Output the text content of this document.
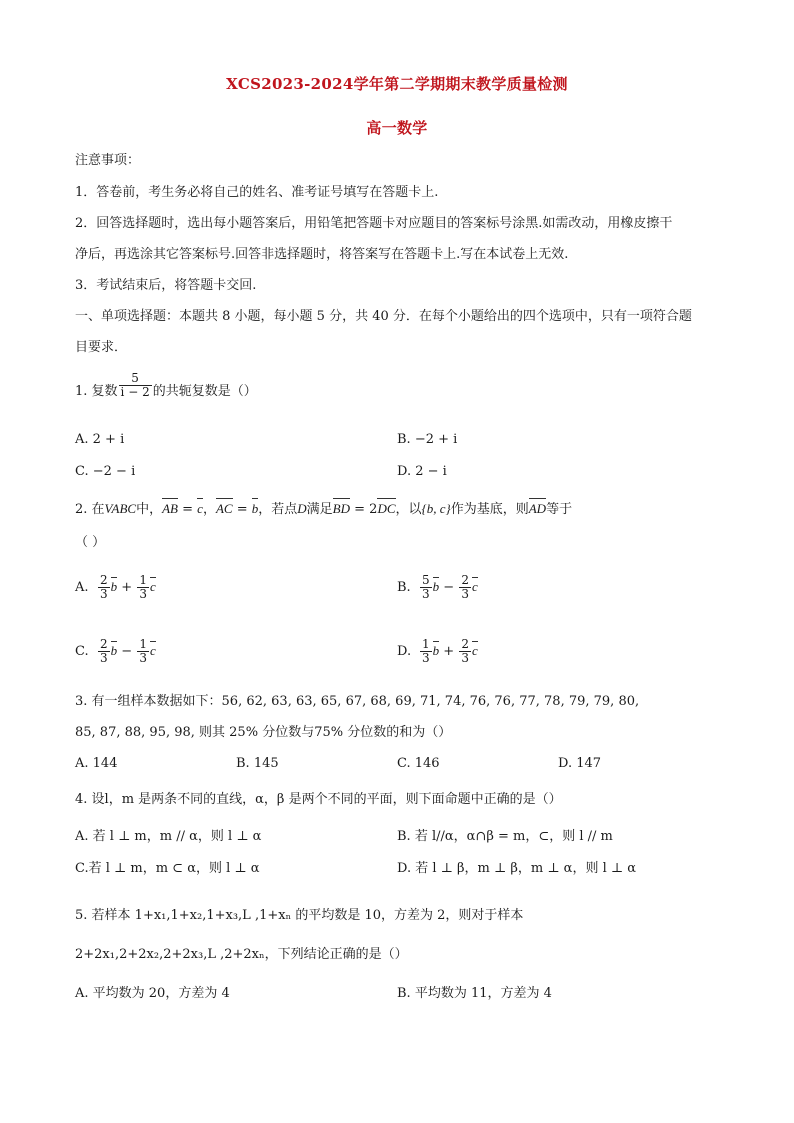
XCS2023-2024学年第二学期期末教学质量检测
高一数学
注意事项：
1．答卷前，考生务必将自己的姓名、准考证号填写在答题卡上.
2．回答选择题时，选出每小题答案后，用铅笔把答题卡对应题目的答案标号涂黑.如需改动，用橡皮擦干
净后，再选涂其它答案标号.回答非选择题时，将答案写在答题卡上.写在本试卷上无效.
3．考试结束后，将答题卡交回.
一、单项选择题：本题共 8 小题，每小题 5 分，共 40 分．在每个小题给出的四个选项中，只有一项符合题
目要求．
1. 复数 $\frac{5}{i - 2}$ 的共轭复数是（）
A. 2 + i	B. −2 + i
C. −2 − i	D. 2 − i
2. 在VABC中，AB = c，AC = b，若点D满足BD = 2DC，以{b, c}作为基底，则AD等于
（ ）
A. $\frac{2}{3}$ $b + \frac{1}{3}$ c	B. $\frac{5}{3}$ $b - \frac{2}{3}$ c
C. $\frac{2}{3}$ $b - \frac{1}{3}$ c	D. $\frac{1}{3}$ $b + \frac{2}{3}$ c
3. 有一组样本数据如下：56, 62, 63, 63, 65, 67, 68, 69, 71, 74, 76, 76, 77, 78, 79, 79, 80,
85, 87, 88, 95, 98, 则其 25% 分位数与75% 分位数的和为（）
A. 144	B. 145	C. 146	D. 147
4. 设l，m 是两条不同的直线，α，β 是两个不同的平面，则下面命题中正确的是（）
A. 若 l ⊥ m，m // α，则 l ⊥ α	B. 若 l//α，α∩β = m，⊂，则 l // m
C.若 l ⊥ m，m ⊂ α，则 l ⊥ α	D. 若 l ⊥ β，m ⊥ β，m ⊥ α，则 l ⊥ α
5. 若样本 1+x₁,1+x₂,1+x₃,L ,1+xₙ 的平均数是 10，方差为 2，则对于样本
2+2x₁,2+2x₂,2+2x₃,L ,2+2xₙ，下列结论正确的是（）
A. 平均数为 20，方差为 4	B. 平均数为 11，方差为 4
